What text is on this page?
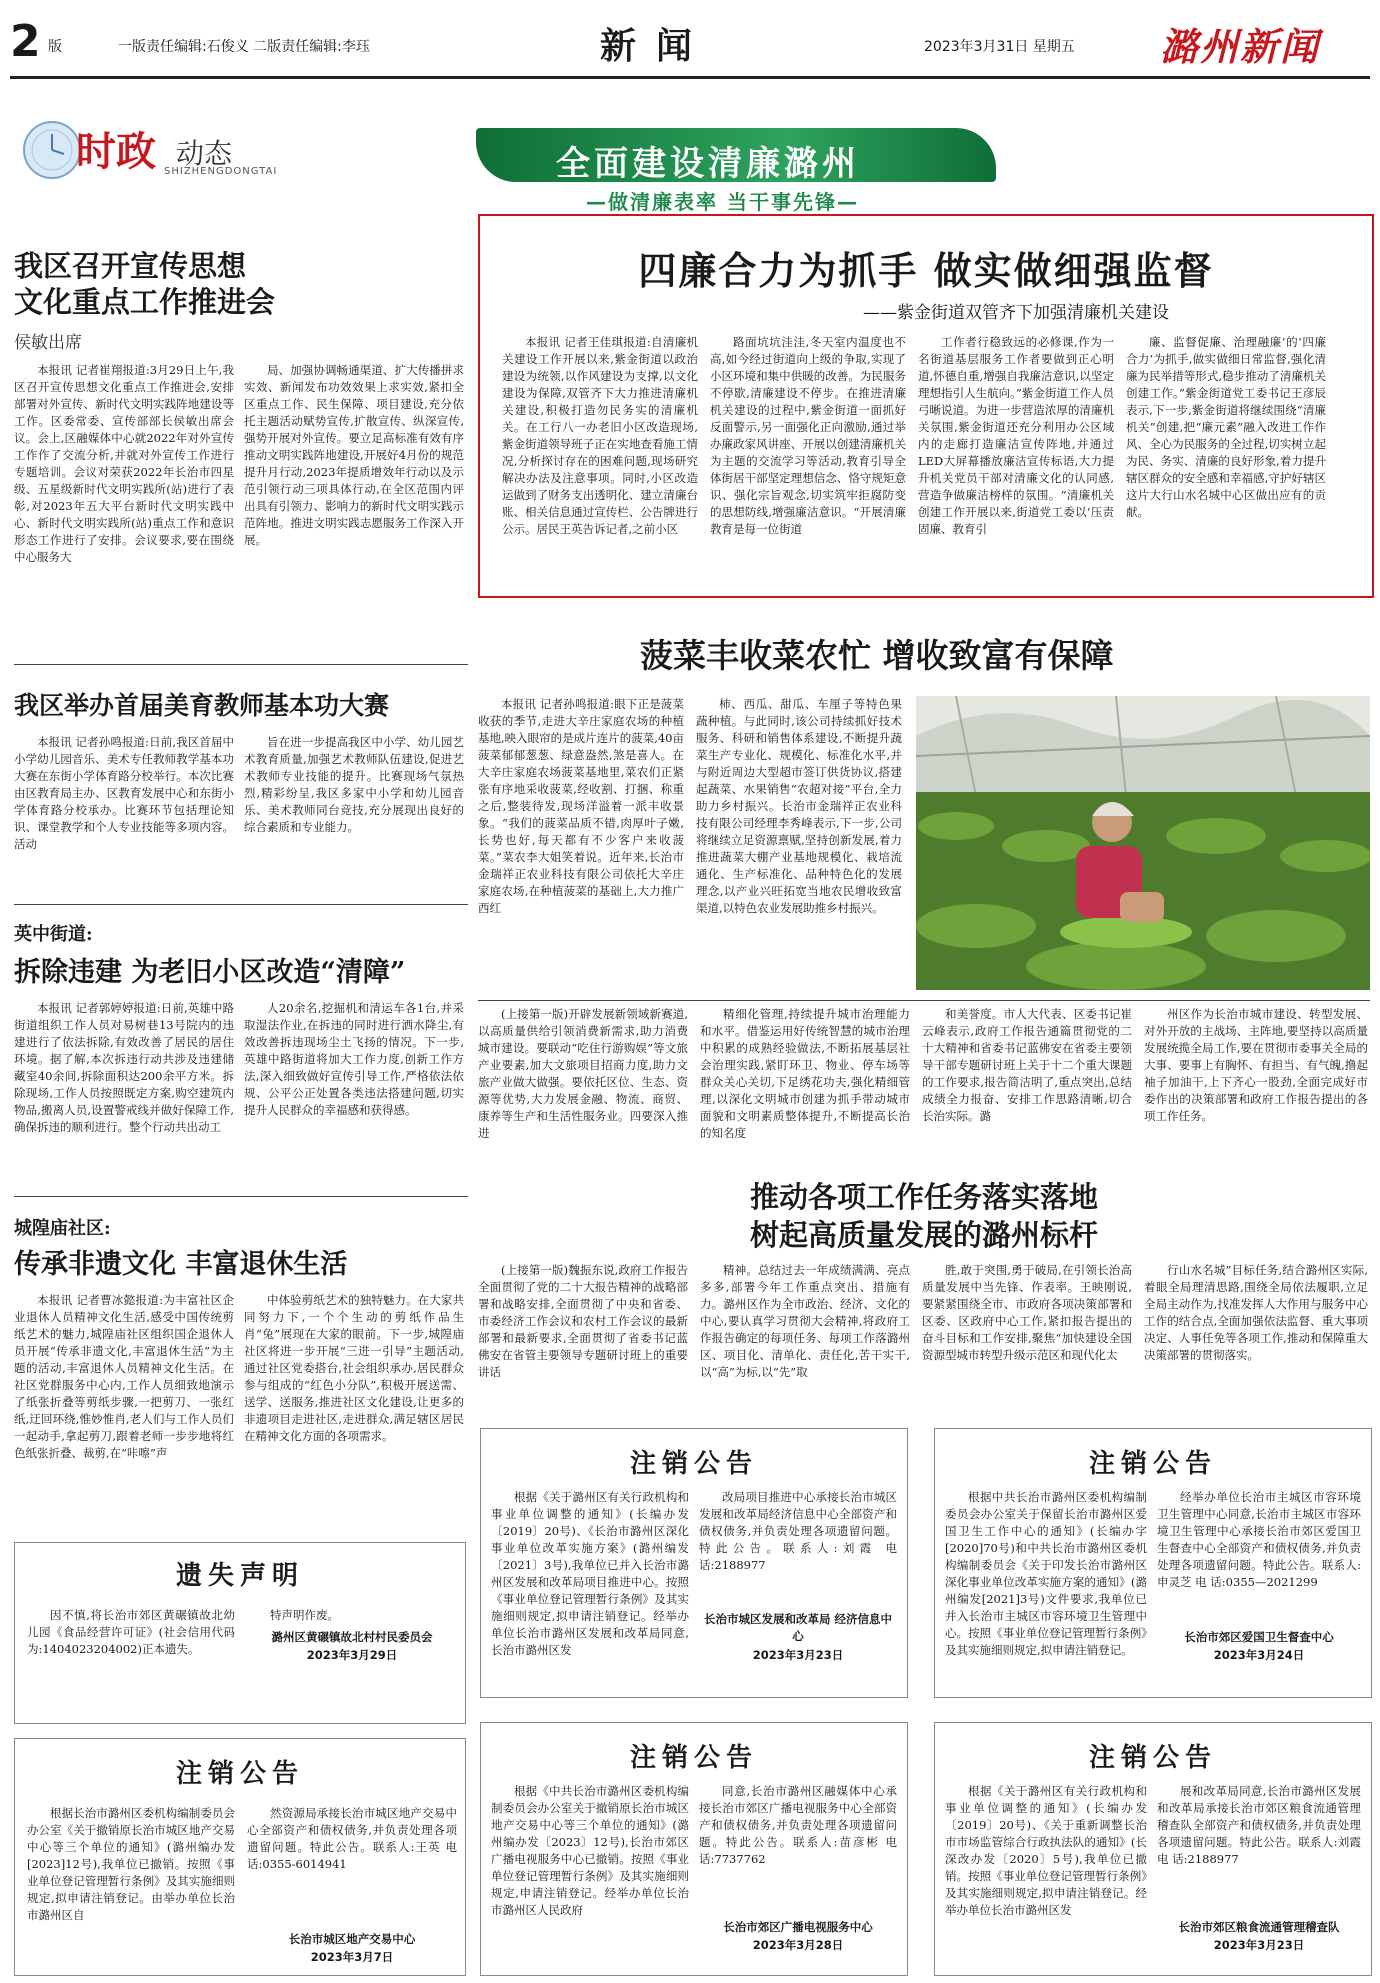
2 版	一版责任编辑:石俊义 二版责任编辑:李珏	新闻	2023年3月31日 星期五 潞州新闻
时政 动态
SHIZHENGDONGTAI	全面建设清廉潞州
—做清廉表率 当干事先锋—
我区召开宣传思想
文化重点工作推进会
侯敏出席

本报讯 记者崔翔报道:3月29日上午,我区召开宣传思想文化重点工作推进会,安排部署对外宣传、新时代文明实践阵地建设等工作。区委常委、宣传部部长侯敏出席会议。会上,区融媒体中心就2022年对外宣传工作作了交流分析,并就对外宣传工作进行专题培训。会议对荣获2022年长治市四星级、五星级新时代文明实践所(站)进行了表彰,对2023年五大平台新时代文明实践中心、新时代文明实践所(站)重点工作和意识形态工作进行了安排。会议要求,要在围绕中心服务大

局、加强协调畅通渠道、扩大传播拼求实效、新闻发布功效效果上求实效,紧扣全区重点工作、民生保障、项目建设,充分依托主题活动赋势宣传,扩散宣传、纵深宣传,强势开展对外宣传。要立足高标准有效有序推动文明实践阵地建设,开展好4月份的规范提升月行动,2023年提质增效年行动以及示范引领行动三项具体行动,在全区范围内评出具有引领力、影响力的新时代文明实践示范阵地。推进文明实践志愿服务工作深入开展。

我区举办首届美育教师基本功大赛

本报讯 记者孙鸣报道:日前,我区首届中小学幼儿园音乐、美术专任教师教学基本功大赛在东街小学体育路分校举行。本次比赛由区教育局主办、区教育发展中心和东街小学体育路分校承办。比赛环节包括理论知识、课堂教学和个人专业技能等多项内容。活动

旨在进一步提高我区中小学、幼儿园艺术教育质量,加强艺术教师队伍建设,促进艺术教师专业技能的提升。比赛现场气氛热烈,精彩纷呈,我区多家中小学和幼儿园音乐、美术教师同台竞技,充分展现出良好的综合素质和专业能力。

英中街道:
拆除违建 为老旧小区改造“清障”

本报讯 记者郭婷婷报道:日前,英雄中路街道组织工作人员对易树巷13号院内的违建进行了依法拆除,有效改善了居民的居住环境。据了解,本次拆违行动共涉及违建储藏室40余间,拆除面积达200余平方米。拆除现场,工作人员按照既定方案,购空建筑内物品,搬离人员,设置警戒线并做好保障工作,确保拆违的顺利进行。整个行动共出动工

人20余名,挖掘机和清运车各1台,并采取湿法作业,在拆违的同时进行洒水降尘,有效改善拆违现场尘土飞扬的情况。下一步,英雄中路街道将加大工作力度,创新工作方法,深入细致做好宣传引导工作,严格依法依规、公平公正处置各类违法搭建问题,切实提升人民群众的幸福感和获得感。

城隍庙社区:
传承非遗文化 丰富退休生活

本报讯 记者曹冰懿报道:为丰富社区企业退休人员精神文化生活,感受中国传统剪纸艺术的魅力,城隍庙社区组织国企退休人员开展“传承非遗文化,丰富退休生活”为主题的活动,丰富退休人员精神文化生活。在社区党群服务中心内,工作人员细致地演示了纸张折叠等剪纸步骤,一把剪刀、一张红纸,迂回环绕,惟妙惟肖,老人们与工作人员们一起动手,拿起剪刀,跟着老师一步步地将红色纸张折叠、裁剪,在“咔嚓”声

中体验剪纸艺术的独特魅力。在大家共同努力下,一个个生动的剪纸作品生肖“兔”展现在大家的眼前。下一步,城隍庙社区将进一步开展“三进一引导”主题活动,通过社区党委搭台,社会组织承办,居民群众参与组成的“红色小分队”,积极开展送需、送学、送服务,推进社区文化建设,让更多的非遗项目走进社区,走进群众,满足辖区居民在精神文化方面的各项需求。

遗失声明

因不慎,将长治市郊区黄碾镇故北幼儿园《食品经营许可证》(社会信用代码为:1404023204002)正本遗失。

特声明作废。

潞州区黄碾镇故北村村民委员会
2023年3月29日
注销公告

根据长治市潞州区委机构编制委员会办公室《关于撤销原长治市城区地产交易中心等三个单位的通知》(潞州编办发[2023]12号),我单位已撤销。按照《事业单位登记管理暂行条例》及其实施细则规定,拟申请注销登记。由举办单位长治市潞州区自

然资源局承接长治市城区地产交易中心全部资产和债权债务,并负责处理各项遗留问题。特此公告。联系人:王英 电 话:0355-6014941

长治市城区地产交易中心
2023年3月7日
四廉合力为抓手 做实做细强监督
——紫金街道双管齐下加强清廉机关建设

本报讯 记者王佳琪报道:自清廉机关建设工作开展以来,紫金街道以政治建设为统领,以作风建设为支撑,以文化建设为保障,双管齐下大力推进清廉机关建设,积极打造勿民务实的清廉机关。在工行八一办老旧小区改造现场,紫金街道领导班子正在实地查看施工情况,分析探讨存在的困难问题,现场研究解决办法及注意事项。同时,小区改造运做到了财务支出透明化、建立清廉台账、相关信息通过宣传栏、公告牌进行公示。居民王英告诉记者,之前小区

路面坑坑洼洼,冬天室内温度也不高,如今经过街道向上级的争取,实现了小区环境和集中供暖的改善。为民服务不停歇,清廉建设不停步。在推进清廉机关建设的过程中,紫金街道一面抓好反面警示,另一面强化正向激励,通过举办廉政家风讲座、开展以创建清廉机关为主题的交流学习等活动,教育引导全体街居干部坚定理想信念、恪守规矩意识、强化宗旨观念,切实筑牢拒腐防变的思想防线,增强廉洁意识。“开展清廉教育是每一位街道

工作者行稳致远的必修课,作为一名街道基层服务工作者要做到正心明道,怀德自重,增强自我廉洁意识,以坚定理想指引人生航向。”紫金街道工作人员弓晰说道。为进一步营造浓厚的清廉机关氛围,紫金街道还充分利用办公区域内的走廊打造廉洁宣传阵地,并通过LED大屏幕播放廉洁宣传标语,大力提升机关党员干部对清廉文化的认同感,营造争做廉洁榜样的氛围。“清廉机关创建工作开展以来,街道党工委以‘压责固廉、教育引

廉、监督促廉、治理融廉’的‘四廉合力’为抓手,做实做细日常监督,强化清廉为民举措等形式,稳步推动了清廉机关创建工作。”紫金街道党工委书记王彦辰表示,下一步,紫金街道将继续围绕“清廉机关”创建,把“廉元素”融入改进工作作风、全心为民服务的全过程,切实树立起为民、务实、清廉的良好形象,着力提升辖区群众的安全感和幸福感,守护好辖区这片大行山水名城中心区做出应有的贡献。

菠菜丰收菜农忙 增收致富有保障

本报讯 记者孙鸣报道:眼下正是菠菜收获的季节,走进大辛庄家庭农场的种植基地,映入眼帘的是成片连片的菠菜,40亩菠菜郁郁葱葱、绿意盎然,煞是喜人。在大辛庄家庭农场菠菜基地里,菜农们正紧张有序地采收菠菜,经收割、打捆、称重之后,整装待发,现场洋溢着一派丰收景象。“我们的菠菜品质不错,肉厚叶子嫩,长势也好,每天都有不少客户来收菠菜。”菜农李大姐笑着说。近年来,长治市金瑞祥正农业科技有限公司依托大辛庄家庭农场,在种植菠菜的基础上,大力推广西红

柿、西瓜、甜瓜、车厘子等特色果蔬种植。与此同时,该公司持续抓好技术服务、科研和销售体系建设,不断提升蔬菜生产专业化、规模化、标准化水平,并与附近周边大型超市签订供货协议,搭建起蔬菜、水果销售“农超对接”平台,全力助力乡村振兴。长治市金瑞祥正农业科技有限公司经理李秀峰表示,下一步,公司将继续立足资源禀赋,坚持创新发展,着力推进蔬菜大棚产业基地规模化、栽培流通化、生产标准化、品种特色化的发展理念,以产业兴旺拓宽当地农民增收致富渠道,以特色农业发展助推乡村振兴。

(上接第一版)开辟发展新领域新赛道,以高质量供给引领消费新需求,助力消费城市建设。要联动“吃住行游购娱”等文旅产业要素,加大文旅项目招商力度,助力文旅产业做大做强。要依托区位、生态、资源等优势,大力发展金融、物流、商贸、康养等生产和生活性服务业。四要深入推进

精细化管理,持续提升城市治理能力和水平。借鉴运用好传统智慧的城市治理中积累的成熟经验做法,不断拓展基层社会治理实践,紧盯环卫、物业、停车场等群众关心关切,下足绣花功夫,强化精细管理,以深化文明城市创建为抓手带动城市面貌和文明素质整体提升,不断提高长治的知名度

和美誉度。市人大代表、区委书记崔云峰表示,政府工作报告通篇贯彻党的二十大精神和省委书记蓝佛安在省委主要领导干部专题研讨班上关于十二个重大课题的工作要求,报告简洁明了,重点突出,总结成绩全力报奋、安排工作思路清晰,切合长治实际。潞

州区作为长治市城市建设、转型发展、对外开放的主战场、主阵地,要坚持以高质量发展统揽全局工作,要在贯彻市委事关全局的大事、要事上有胸怀、有担当、有气魄,撸起袖子加油干,上下齐心一股劲,全面完成好市委作出的决策部署和政府工作报告提出的各项工作任务。

推动各项工作任务落实落地
树起高质量发展的潞州标杆

(上接第一版)魏振东说,政府工作报告全面贯彻了党的二十大报告精神的战略部署和战略安排,全面贯彻了中央和省委、市委经济工作会议和农村工作会议的最新部署和最新要求,全面贯彻了省委书记蓝佛安在省管主要领导专题研讨班上的重要讲话

精神。总结过去一年成绩满满、亮点多多,部署今年工作重点突出、措施有力。潞州区作为全市政治、经济、文化的中心,要认真学习贯彻大会精神,将政府工作报告确定的每项任务、每项工作落潞州区、项目化、清单化、责任化,苦干实干,以“高”为标,以“先”取

胜,敢于突围,勇于破局,在引领长治高质量发展中当先锋、作表率。王映刚说,要紧紧围绕全市、市政府各项决策部署和区委、区政府中心工作,紧扣报告提出的奋斗目标和工作安排,聚焦“加快建设全国资源型城市转型升级示范区和现代化太

行山水名城”目标任务,结合潞州区实际,着眼全局理清思路,围绕全局依法履职,立足全局主动作为,找准发挥人大作用与服务中心工作的结合点,全面加强依法监督、重大事项决定、人事任免等各项工作,推动和保障重大决策部署的贯彻落实。

注销公告

根据《关于潞州区有关行政机构和事业单位调整的通知》(长编办发〔2019〕20号)、《长治市潞州区深化事业单位改革实施方案》(潞州编发〔2021〕3号),我单位已并入长治市潞州区发展和改革局项目推进中心。按照《事业单位登记管理暂行条例》及其实施细则规定,拟申请注销登记。经举办单位长治市潞州区发展和改革局同意,长治市潞州区发

改局项目推进中心承接长治市城区发展和改革局经济信息中心全部资产和债权债务,并负责处理各项遗留问题。特此公告。联系人:刘霞 电 话:2188977

长治市城区发展和改革局 经济信息中心
2023年3月23日
注销公告

根据《中共长治市潞州区委机构编制委员会办公室关于撤销原长治市城区地产交易中心等三个单位的通知》(潞州编办发〔2023〕12号),长治市郊区广播电视服务中心已撤销。按照《事业单位登记管理暂行条例》及其实施细则规定,申请注销登记。经举办单位长治市潞州区人民政府

同意,长治市潞州区融媒体中心承接长治市郊区广播电视服务中心全部资产和债权债务,并负责处理各项遗留问题。特此公告。联系人:苗彦彬 电 话:7737762

长治市郊区广播电视服务中心
2023年3月28日
注销公告

根据中共长治市潞州区委机构编制委员会办公室关于保留长治市潞州区爱国卫生工作中心的通知》(长编办字[2020]70号)和中共长治市潞州区委机构编制委员会《关于印发长治市潞州区深化事业单位改革实施方案的通知》(潞州编发[2021]3号)文件要求,我单位已并入长治市主城区市容环境卫生管理中心。按照《事业单位登记管理暂行条例》及其实施细则规定,拟申请注销登记。

经举办单位长治市主城区市容环境卫生管理中心同意,长治市主城区市容环境卫生管理中心承接长治市郊区爱国卫生督查中心全部资产和债权债务,并负责处理各项遗留问题。特此公告。联系人:申灵芝 电 话:0355—2021299

长治市郊区爱国卫生督查中心
2023年3月24日
注销公告

根据《关于潞州区有关行政机构和事业单位调整的通知》(长编办发〔2019〕20号)、《关于重新调整长治市市场监管综合行政执法队的通知》(长深改办发〔2020〕5号),我单位已撤销。按照《事业单位登记管理暂行条例》及其实施细则规定,拟申请注销登记。经举办单位长治市潞州区发

展和改革局同意,长治市潞州区发展和改革局承接长治市郊区粮食流通管理稽查队全部资产和债权债务,并负责处理各项遗留问题。特此公告。联系人:刘霞 电 话:2188977

长治市郊区粮食流通管理稽查队
2023年3月23日
